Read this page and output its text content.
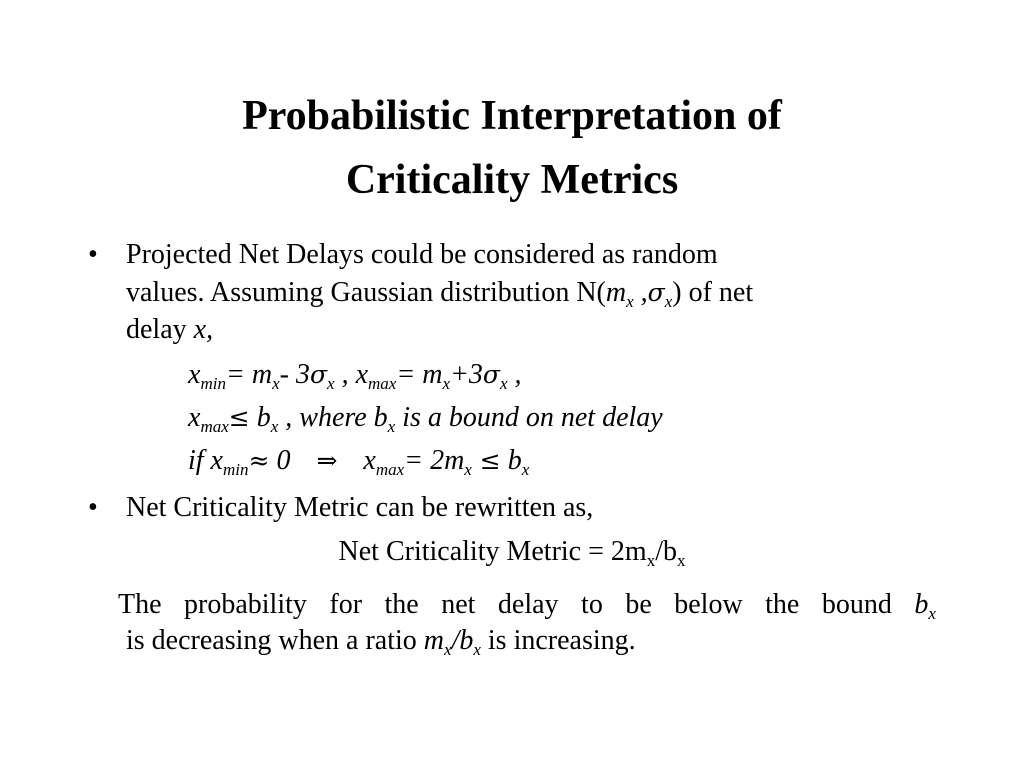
Probabilistic Interpretation of
Criticality Metrics
• Projected Net Delays could be considered as random
values. Assuming Gaussian distribution $N(m_x$ $,\sigma_x$) of net
delay x,
$x_{min}= m_x-$ $3\sigma_x$ , $x_{max}= m_x+3\sigma_x$ ,
$x_{max}\le b_x$ , where $b_x$ is a bound on net delay
if $x_{min}\approx 0$ ⇒ $x_{max}= 2m_x \le b_x$
• Net Criticality Metric can be rewritten as,
Net Criticality Metric = $2m_x/b_x$
The probability for the net delay to be below the bound $b_x$
is decreasing when a ratio $m_x/b_x$ is increasing.
